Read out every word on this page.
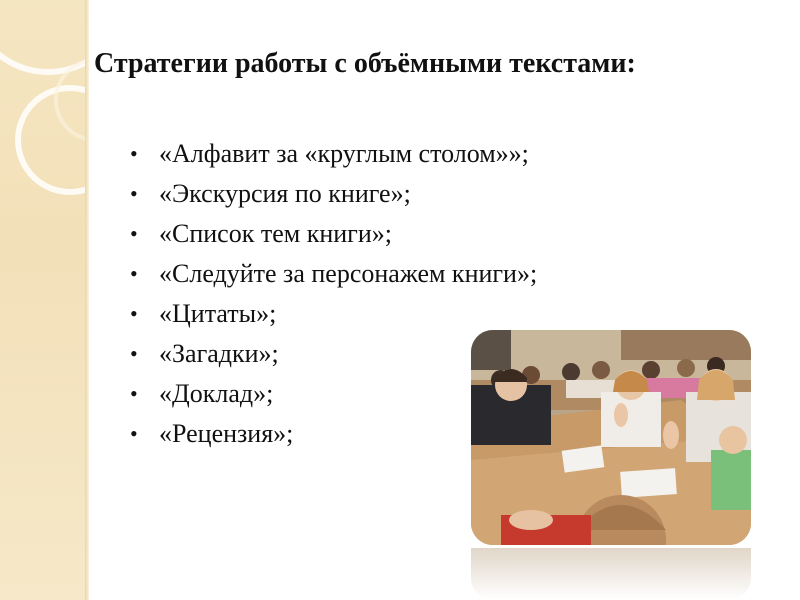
Стратегии работы с объёмными текстами:
• «Алфавит за «круглым столом»»;
• «Экскурсия по книге»;
• «Список тем книги»;
• «Следуйте за персонажем книги»;
• «Цитаты»;
• «Загадки»;
• «Доклад»;
• «Рецензия»;
